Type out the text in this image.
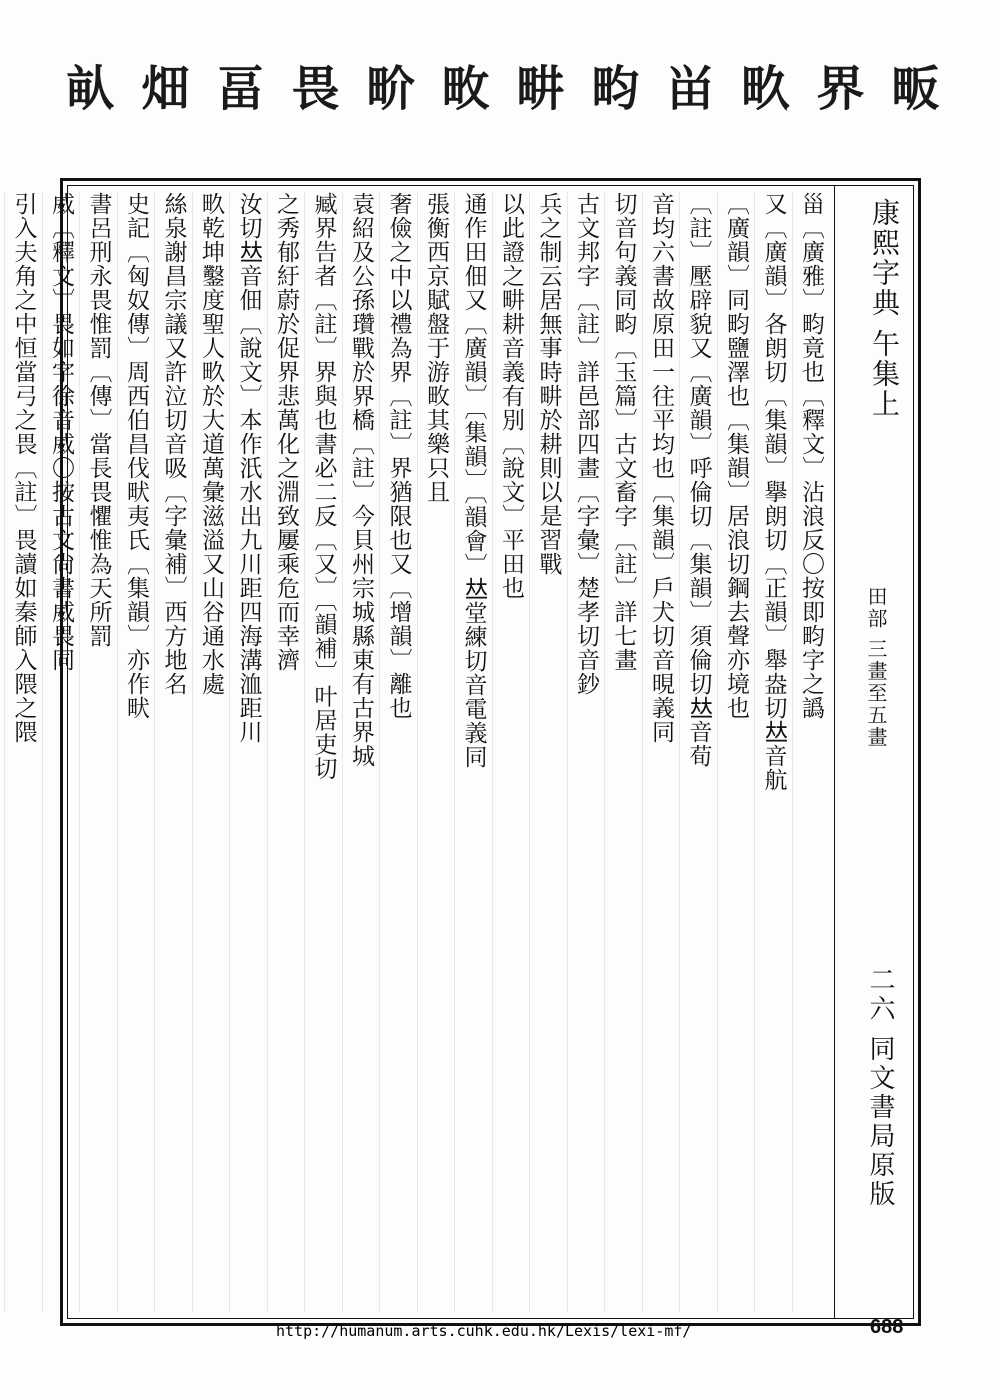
畈
界
畂
畄
畇
畊
畋
畍
畏
畐
畑
畒
康熙字典 午集上
田部 三畫至五畫
二六 同文書局原版
甾〔廣雅〕畇竟也〔釋文〕沾浪反〇按即畇字之譌
又〔廣韻〕各朗切〔集韻〕擧朗切〔正韻〕舉盎切𠀤音航
〔廣韻〕同畇鹽澤也〔集韻〕居浪切鋼去聲亦境也
〔註〕壓辟貌又〔廣韻〕呼倫切〔集韻〕須倫切𠀤音荀
音均六書故原田一往平均也〔集韻〕戶犬切音晛義同
切音句義同畇〔玉篇〕古文畜字〔註〕詳七畫
古文邦字〔註〕詳邑部四畫〔字彙〕楚孝切音鈔
兵之制云居無事時畊於耕則以是習戰
以此證之畊耕音義有別〔說文〕平田也
通作田佃又〔廣韻〕〔集韻〕〔韻會〕𠀤堂練切音電義同
張衡西京賦盤于游畋其樂只且
奢儉之中以禮為界〔註〕界猶限也又〔增韻〕離也
袁紹及公孫瓚戰於界橋〔註〕今貝州宗城縣東有古界城
臧界告者〔註〕界與也書必二反〔又〕〔韻補〕叶居吏切
之秀郁紆蔚於促界悲萬化之淵致屢乘危而幸濟
汝切𠀤音佃〔說文〕本作汦水出九川距四海溝洫距川
畂乾坤鑿度聖人畂於大道萬彙滋溢又山谷通水處
絲泉謝昌宗議又許泣切音吸〔字彙補〕西方地名
史記〔匈奴傳〕周西伯昌伐畎夷氏〔集韻〕亦作畎
書呂刑永畏惟罰〔傳〕當長畏懼惟為天所罰
威〔釋文〕畏如字徐音威〇按古文尙書威畏同
引入夫角之中恒當弓之畏〔註〕畏讀如秦師入隈之隈
http://humanum.arts.cuhk.edu.hk/Lexis/lexi-mf/	688
